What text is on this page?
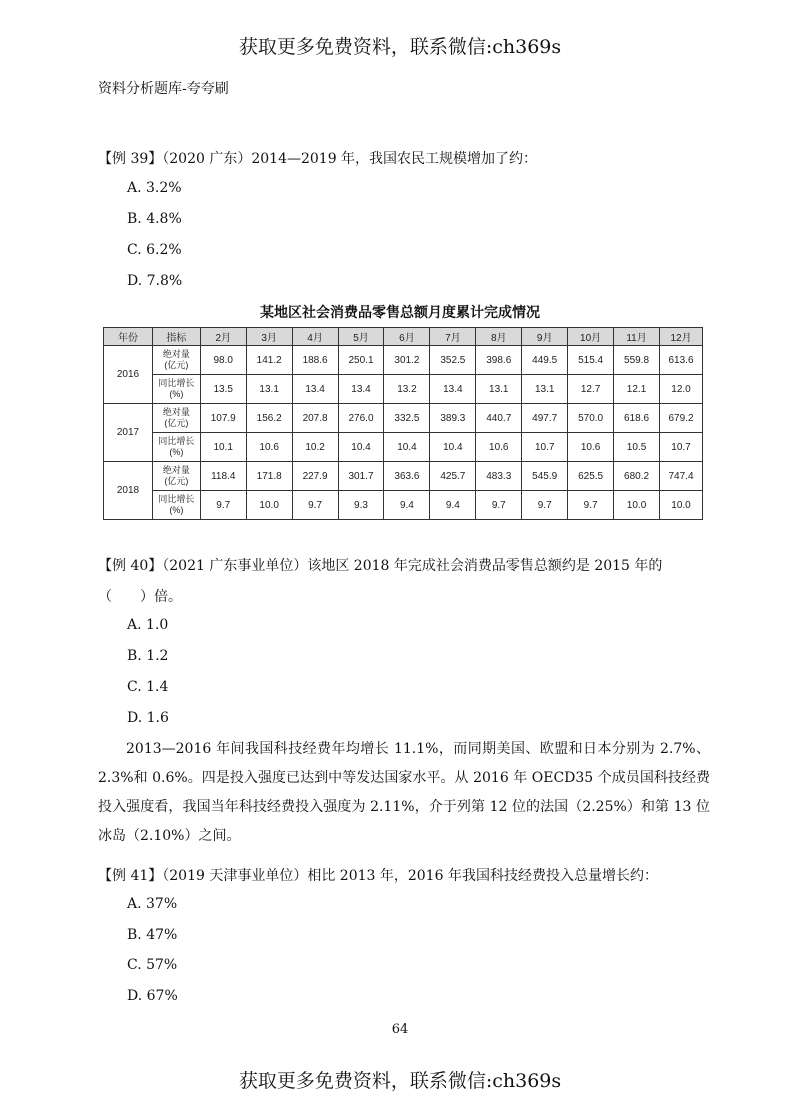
获取更多免费资料，联系微信:ch369s
资料分析题库-夸夸刷
【例 39】（2020 广东）2014—2019 年，我国农民工规模增加了约：
A. 3.2%
B. 4.8%
C. 6.2%
D. 7.8%
某地区社会消费品零售总额月度累计完成情况
年份	指标	2月	3月	4月	5月	6月	7月	8月	9月	10月	11月	12月
2016	绝对量
(亿元)	98.0	141.2	188.6	250.1	301.2	352.5	398.6	449.5	515.4	559.8	613.6
	同比增长
(%)	13.5	13.1	13.4	13.4	13.2	13.4	13.1	13.1	12.7	12.1	12.0
2017	绝对量
(亿元)	107.9	156.2	207.8	276.0	332.5	389.3	440.7	497.7	570.0	618.6	679.2
	同比增长
(%)	10.1	10.6	10.2	10.4	10.4	10.4	10.6	10.7	10.6	10.5	10.7
2018	绝对量
(亿元)	118.4	171.8	227.9	301.7	363.6	425.7	483.3	545.9	625.5	680.2	747.4
	同比增长
(%)	9.7	10.0	9.7	9.3	9.4	9.4	9.7	9.7	9.7	10.0	10.0
【例 40】（2021 广东事业单位）该地区 2018 年完成社会消费品零售总额约是 2015 年的
（　　）倍。
A. 1.0
B. 1.2
C. 1.4
D. 1.6
2013—2016 年间我国科技经费年均增长 11.1%，而同期美国、欧盟和日本分别为 2.7%、2.3%和 0.6%。四是投入强度已达到中等发达国家水平。从 2016 年 OECD35 个成员国科技经费投入强度看，我国当年科技经费投入强度为 2.11%，介于列第 12 位的法国（2.25%）和第 13 位冰岛（2.10%）之间。
【例 41】（2019 天津事业单位）相比 2013 年，2016 年我国科技经费投入总量增长约：
A. 37%
B. 47%
C. 57%
D. 67%
64
获取更多免费资料，联系微信:ch369s
